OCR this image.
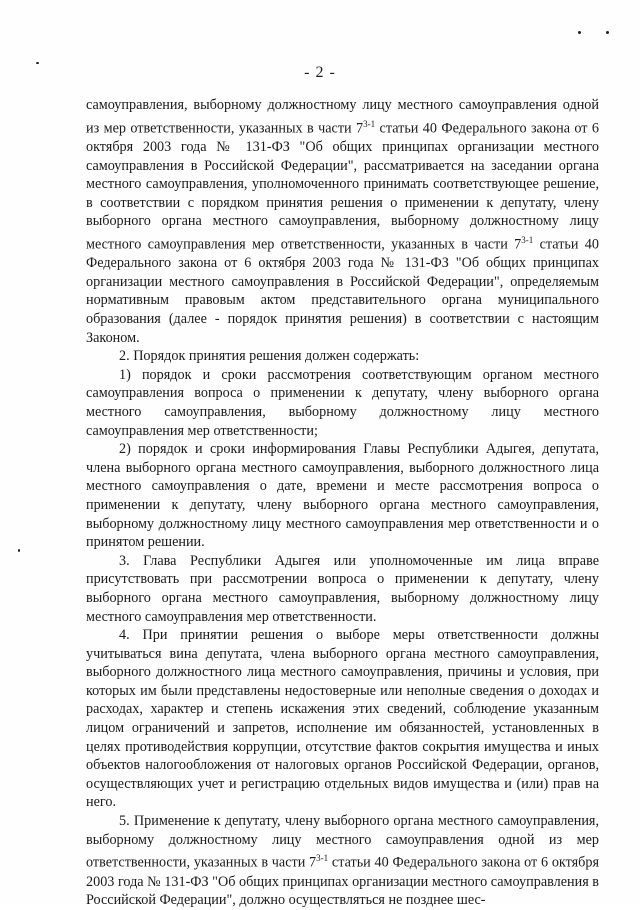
- 2 -

самоуправления, выборному должностному лицу местного самоуправления одной из мер ответственности, указанных в части 7$^{3-1}$ статьи 40 Федерального закона от 6 октября 2003 года № 131-ФЗ "Об общих принципах организации местного самоуправления в Российской Федерации", рассматривается на заседании органа местного самоуправления, уполномоченного принимать соответствующее решение, в соответствии с порядком принятия решения о применении к депутату, члену выборного органа местного самоуправления, выборному должностному лицу местного самоуправления мер ответственности, указанных в части 7$^{3-1}$ статьи 40 Федерального закона от 6 октября 2003 года № 131-ФЗ "Об общих принципах организации местного самоуправления в Российской Федерации", определяемым нормативным правовым актом представительного органа муниципального образования (далее - порядок принятия решения) в соответствии с настоящим Законом.

2. Порядок принятия решения должен содержать:

1) порядок и сроки рассмотрения соответствующим органом местного самоуправления вопроса о применении к депутату, члену выборного органа местного самоуправления, выборному должностному лицу местного самоуправления мер ответственности;

2) порядок и сроки информирования Главы Республики Адыгея, депутата, члена выборного органа местного самоуправления, выборного должностного лица местного самоуправления о дате, времени и месте рассмотрения вопроса о применении к депутату, члену выборного органа местного самоуправления, выборному должностному лицу местного самоуправления мер ответственности и о принятом решении.

3. Глава Республики Адыгея или уполномоченные им лица вправе присутствовать при рассмотрении вопроса о применении к депутату, члену выборного органа местного самоуправления, выборному должностному лицу местного самоуправления мер ответственности.

4. При принятии решения о выборе меры ответственности должны учитываться вина депутата, члена выборного органа местного самоуправления, выборного должностного лица местного самоуправления, причины и условия, при которых им были представлены недостоверные или неполные сведения о доходах и расходах, характер и степень искажения этих сведений, соблюдение указанным лицом ограничений и запретов, исполнение им обязанностей, установленных в целях противодействия коррупции, отсутствие фактов сокрытия имущества и иных объектов налогообложения от налоговых органов Российской Федерации, органов, осуществляющих учет и регистрацию отдельных видов имущества и (или) прав на него.

5. Применение к депутату, члену выборного органа местного самоуправления, выборному должностному лицу местного самоуправления одной из мер ответственности, указанных в части 7$^{3-1}$ статьи 40 Федерального закона от 6 октября 2003 года № 131-ФЗ "Об общих принципах организации местного самоуправления в Российской Федерации", должно осуществляться не позднее шес-
